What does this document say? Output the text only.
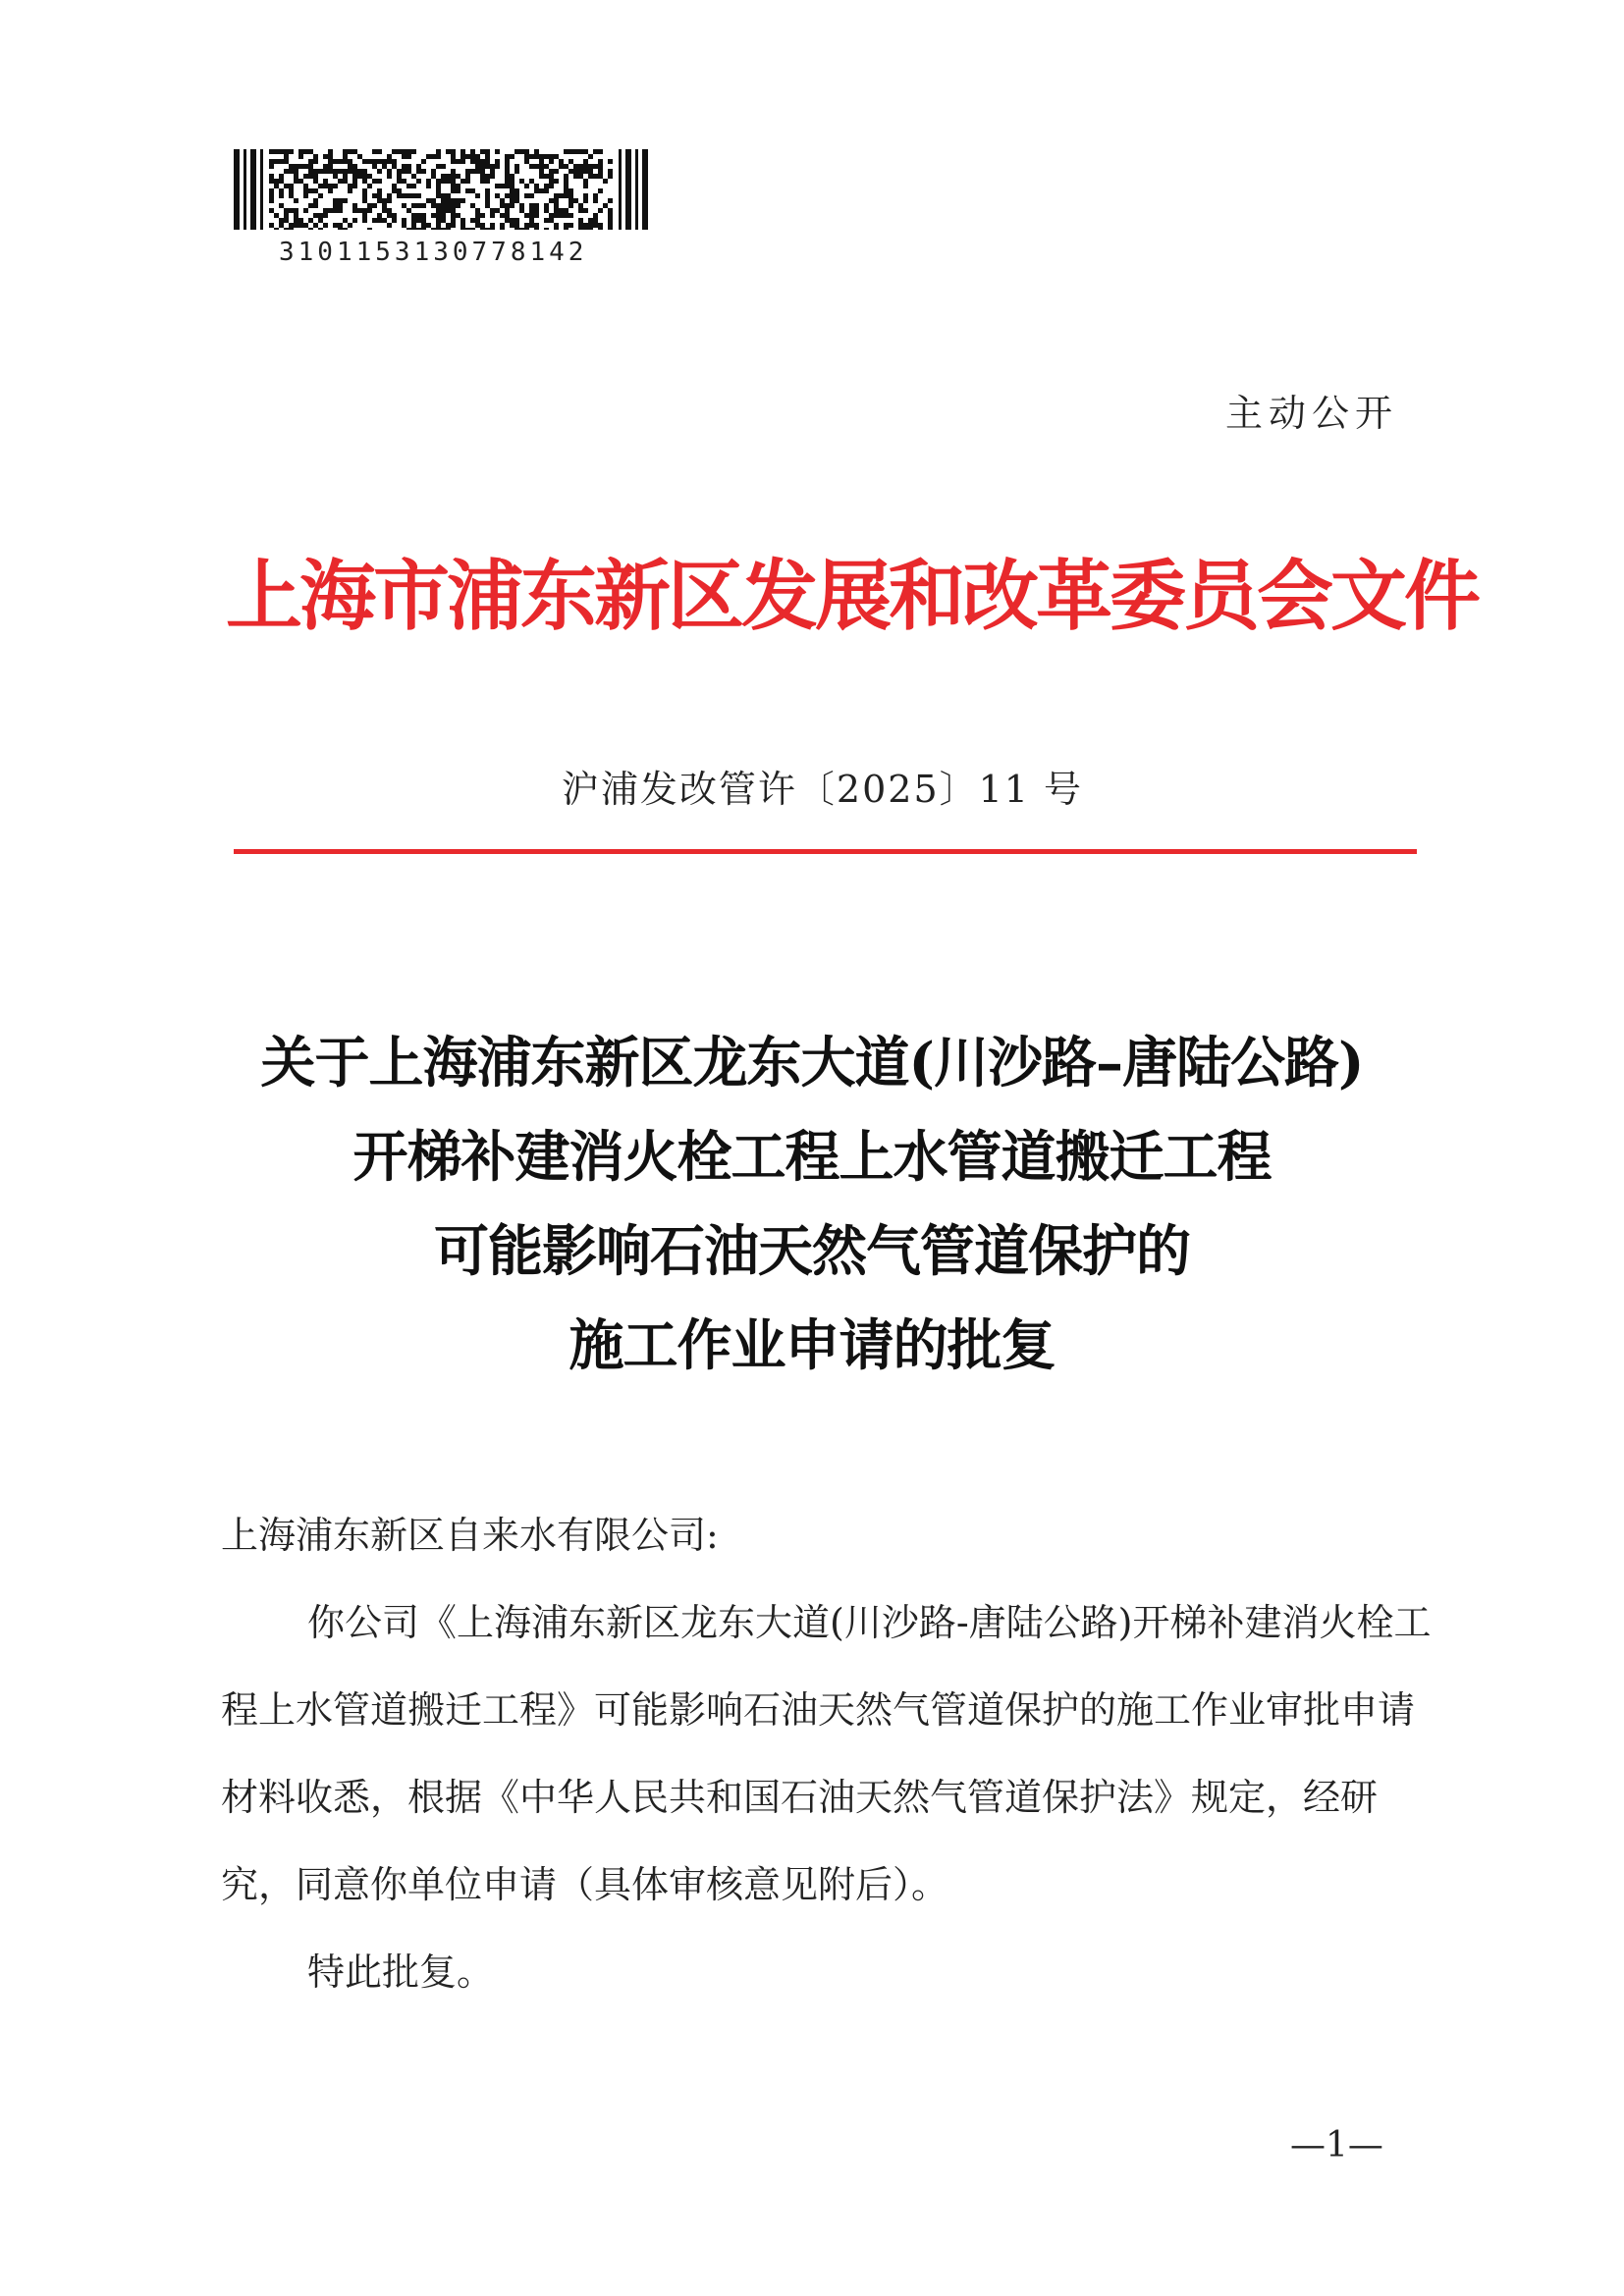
3101153130778142
主动公开
上海市浦东新区发展和改革委员会文件
沪浦发改管许〔2025〕11 号
关于上海浦东新区龙东大道(川沙路–唐陆公路)
开梯补建消火栓工程上水管道搬迁工程
可能影响石油天然气管道保护的
施工作业申请的批复

上海浦东新区自来水有限公司:

你公司《上海浦东新区龙东大道(川沙路-唐陆公路)开梯补建消火栓工程上水管道搬迁工程》可能影响石油天然气管道保护的施工作业审批申请材料收悉，根据《中华人民共和国石油天然气管道保护法》规定，经研究，同意你单位申请（具体审核意见附后）。

特此批复。

—1—
